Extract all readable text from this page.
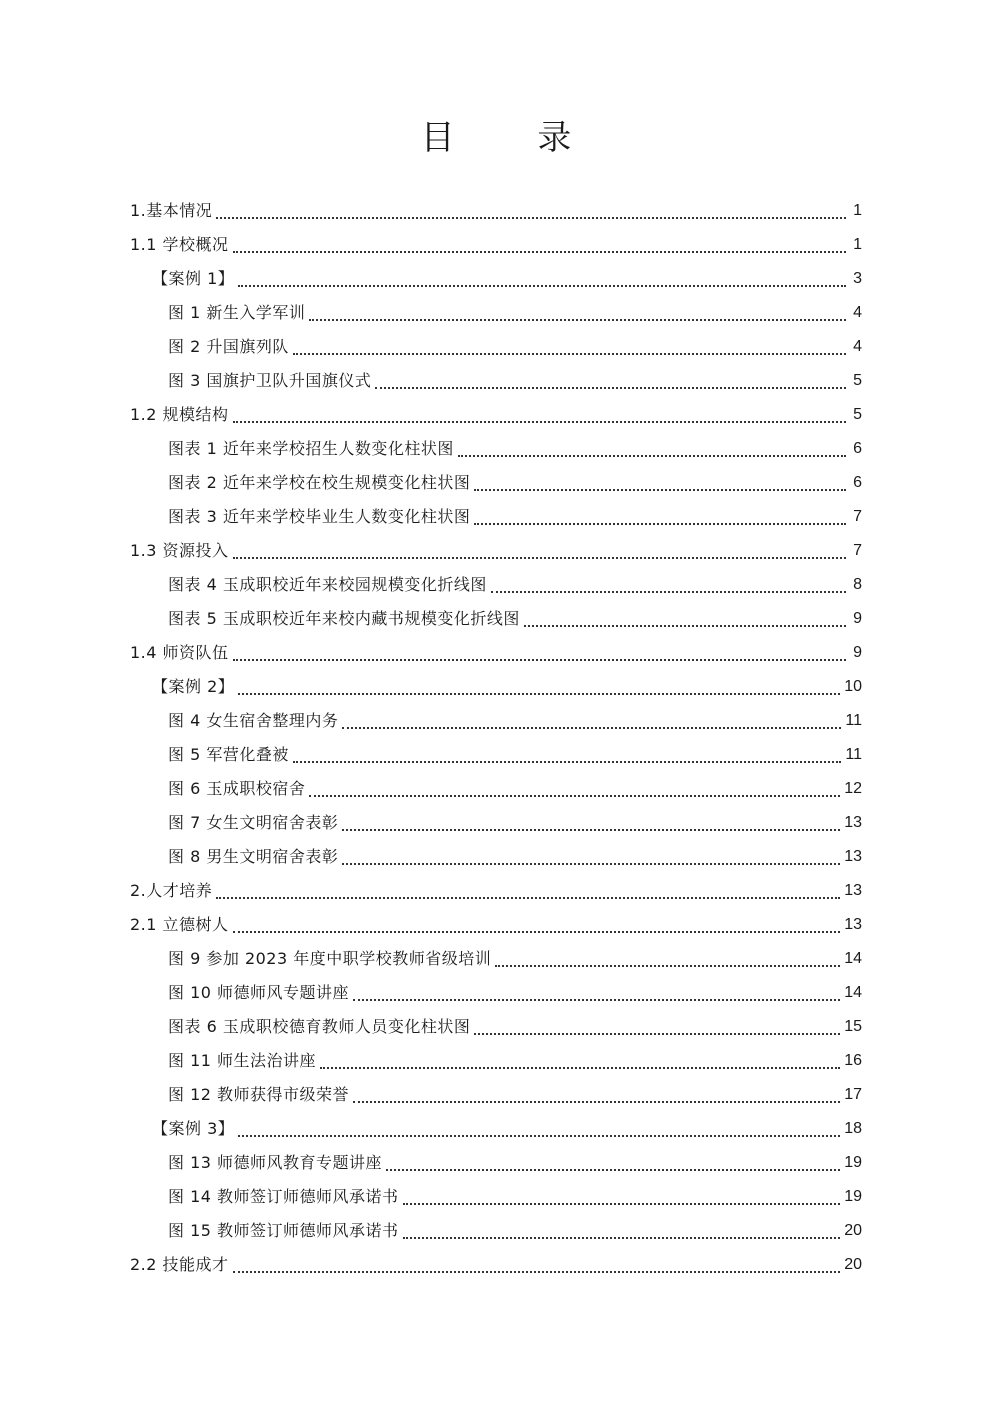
目 录
1.基本情况	1
1.1 学校概况	1
【案例 1】	3
图 1 新生入学军训	4
图 2 升国旗列队	4
图 3 国旗护卫队升国旗仪式	5
1.2 规模结构	5
图表 1 近年来学校招生人数变化柱状图	6
图表 2 近年来学校在校生规模变化柱状图	6
图表 3 近年来学校毕业生人数变化柱状图	7
1.3 资源投入	7
图表 4 玉成职校近年来校园规模变化折线图	8
图表 5 玉成职校近年来校内藏书规模变化折线图	9
1.4 师资队伍	9
【案例 2】	10
图 4 女生宿舍整理内务	11
图 5 军营化叠被	11
图 6 玉成职校宿舍	12
图 7 女生文明宿舍表彰	13
图 8 男生文明宿舍表彰	13
2.人才培养	13
2.1 立德树人	13
图 9 参加 2023 年度中职学校教师省级培训	14
图 10 师德师风专题讲座	14
图表 6 玉成职校德育教师人员变化柱状图	15
图 11 师生法治讲座	16
图 12 教师获得市级荣誉	17
【案例 3】	18
图 13 师德师风教育专题讲座	19
图 14 教师签订师德师风承诺书	19
图 15 教师签订师德师风承诺书	20
2.2 技能成才	20
